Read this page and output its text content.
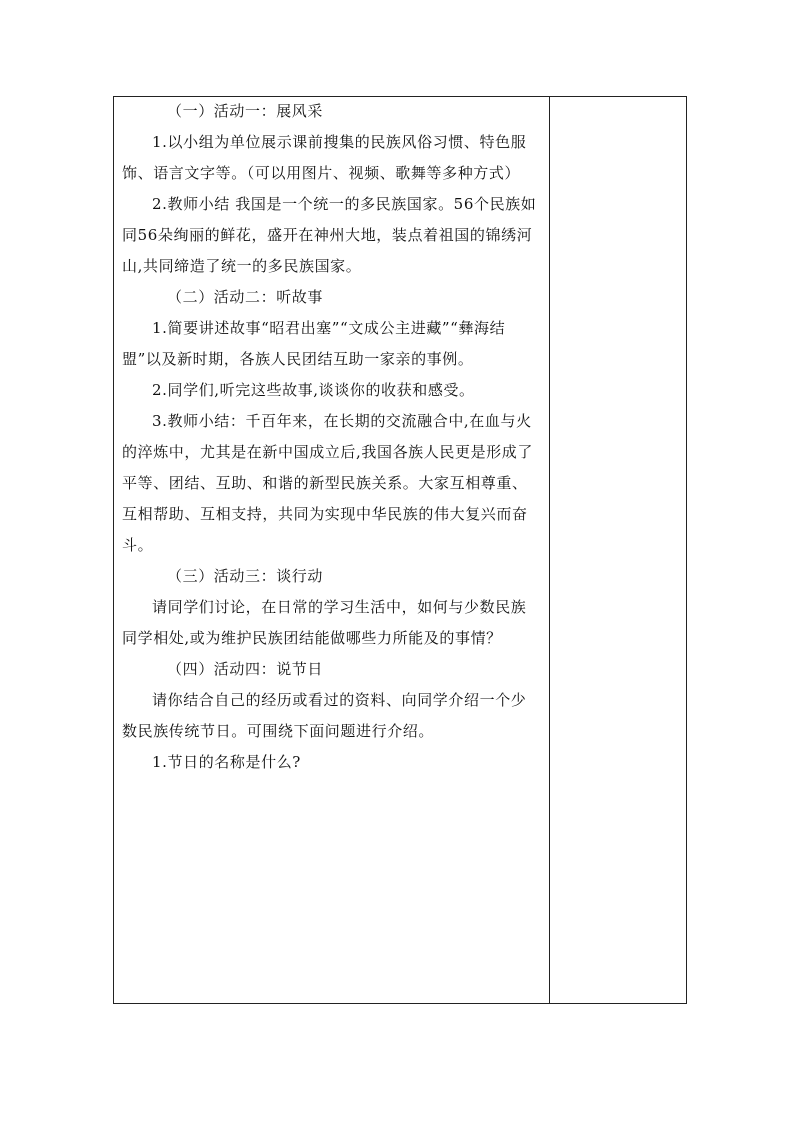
（一）活动一：展风采

1.以小组为单位展示课前搜集的民族风俗习惯、特色服饰、语言文字等。（可以用图片、视频、歌舞等多种方式）

2.教师小结 我国是一个统一的多民族国家。56个民族如同56朵绚丽的鲜花，盛开在神州大地，装点着祖国的锦绣河山,共同缔造了统一的多民族国家。

（二）活动二：听故事

1.简要讲述故事“昭君出塞”“文成公主进藏”“彝海结盟”以及新时期，各族人民团结互助一家亲的事例。

2.同学们,听完这些故事,谈谈你的收获和感受。

3.教师小结：千百年来，在长期的交流融合中,在血与火的淬炼中，尤其是在新中国成立后,我国各族人民更是形成了平等、团结、互助、和谐的新型民族关系。大家互相尊重、互相帮助、互相支持，共同为实现中华民族的伟大复兴而奋斗。

（三）活动三：谈行动

请同学们讨论，在日常的学习生活中，如何与少数民族同学相处,或为维护民族团结能做哪些力所能及的事情？

（四）活动四：说节日

请你结合自己的经历或看过的资料、向同学介绍一个少数民族传统节日。可围绕下面问题进行介绍。

1.节日的名称是什么?
